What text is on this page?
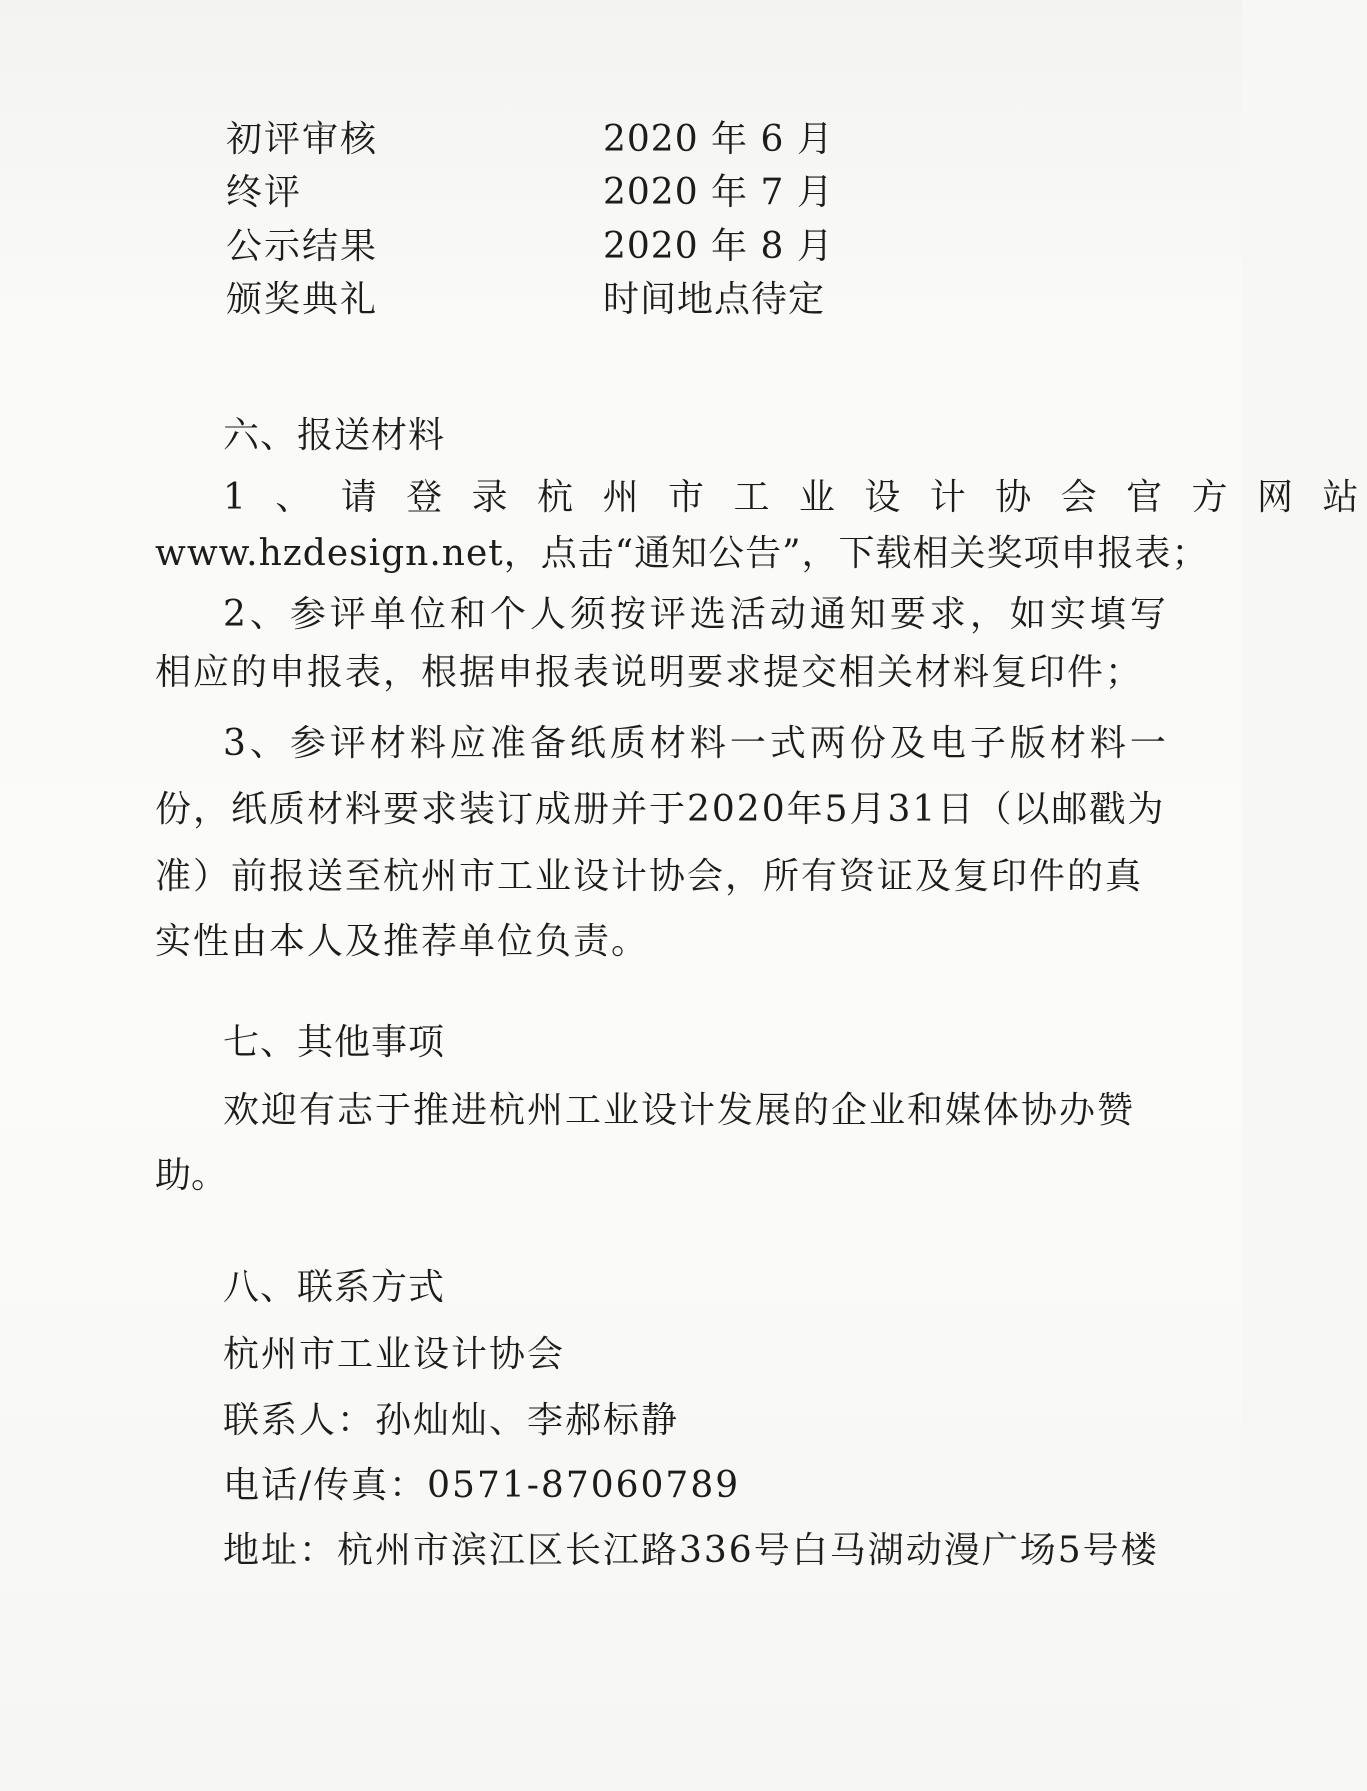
初评审核	2020 年 6 月
终评	2020 年 7 月
公示结果	2020 年 8 月
颁奖典礼	时间地点待定
六、报送材料
1 、 请 登 录 杭 州 市 工 业 设 计 协 会 官 方 网 站
www.hzdesign.net，点击“通知公告”，下载相关奖项申报表；
2、参评单位和个人须按评选活动通知要求，如实填写
相应的申报表，根据申报表说明要求提交相关材料复印件；
3、参评材料应准备纸质材料一式两份及电子版材料一
份，纸质材料要求装订成册并于2020年5月31日（以邮戳为
准）前报送至杭州市工业设计协会，所有资证及复印件的真
实性由本人及推荐单位负责。
七、其他事项
欢迎有志于推进杭州工业设计发展的企业和媒体协办赞
助。
八、联系方式
杭州市工业设计协会
联系人：孙灿灿、李郝标静
电话/传真：0571-87060789
地址：杭州市滨江区长江路336号白马湖动漫广场5号楼
